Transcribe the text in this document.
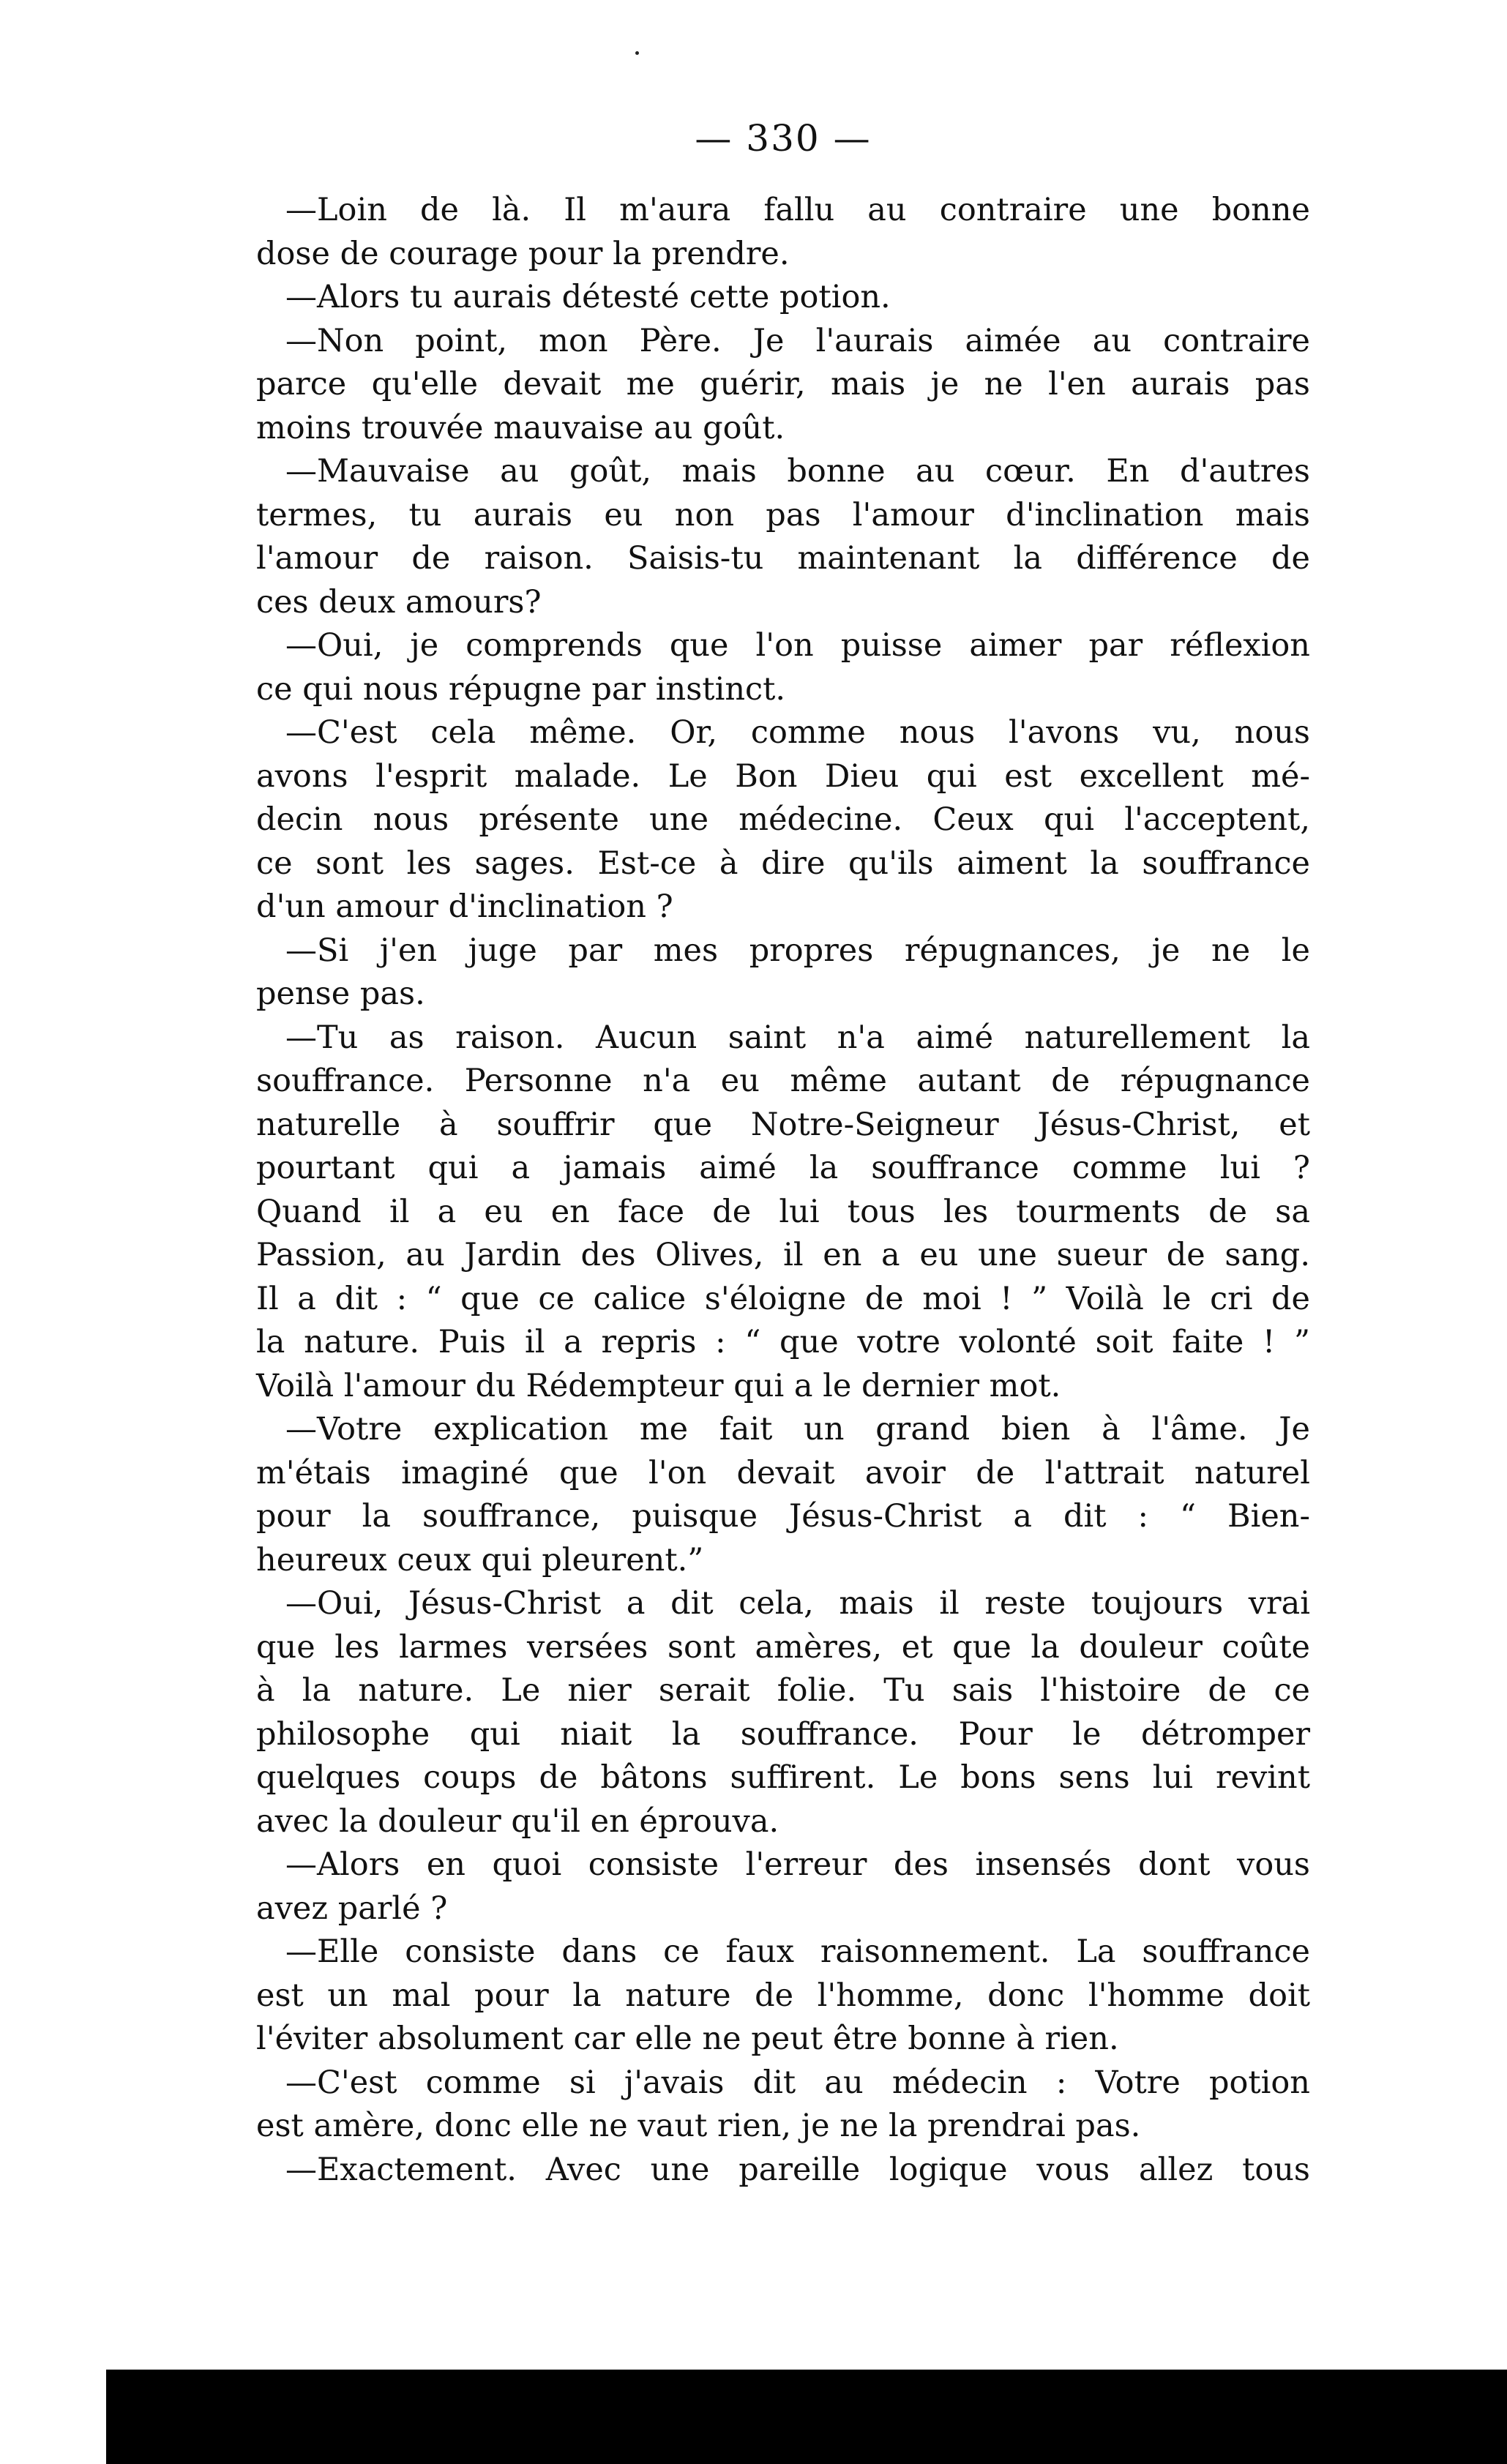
— 330 —
—Loin de là. Il m'aura fallu au contraire une bonne
dose de courage pour la prendre.
—Alors tu aurais détesté cette potion.
—Non point, mon Père. Je l'aurais aimée au contraire
parce qu'elle devait me guérir, mais je ne l'en aurais pas
moins trouvée mauvaise au goût.
—Mauvaise au goût, mais bonne au cœur. En d'autres
termes, tu aurais eu non pas l'amour d'inclination mais
l'amour de raison. Saisis-tu maintenant la différence de
ces deux amours?
—Oui, je comprends que l'on puisse aimer par réflexion
ce qui nous répugne par instinct.
—C'est cela même. Or, comme nous l'avons vu, nous
avons l'esprit malade. Le Bon Dieu qui est excellent mé-
decin nous présente une médecine. Ceux qui l'acceptent,
ce sont les sages. Est-ce à dire qu'ils aiment la souffrance
d'un amour d'inclination ?
—Si j'en juge par mes propres répugnances, je ne le
pense pas.
—Tu as raison. Aucun saint n'a aimé naturellement la
souffrance. Personne n'a eu même autant de répugnance
naturelle à souffrir que Notre-Seigneur Jésus-Christ, et
pourtant qui a jamais aimé la souffrance comme lui ?
Quand il a eu en face de lui tous les tourments de sa
Passion, au Jardin des Olives, il en a eu une sueur de sang.
Il a dit : “ que ce calice s'éloigne de moi ! ” Voilà le cri de
la nature. Puis il a repris : “ que votre volonté soit faite ! ”
Voilà l'amour du Rédempteur qui a le dernier mot.
—Votre explication me fait un grand bien à l'âme. Je
m'étais imaginé que l'on devait avoir de l'attrait naturel
pour la souffrance, puisque Jésus-Christ a dit : “ Bien-
heureux ceux qui pleurent.”
—Oui, Jésus-Christ a dit cela, mais il reste toujours vrai
que les larmes versées sont amères, et que la douleur coûte
à la nature. Le nier serait folie. Tu sais l'histoire de ce
philosophe qui niait la souffrance. Pour le détromper
quelques coups de bâtons suffirent. Le bons sens lui revint
avec la douleur qu'il en éprouva.
—Alors en quoi consiste l'erreur des insensés dont vous
avez parlé ?
—Elle consiste dans ce faux raisonnement. La souffrance
est un mal pour la nature de l'homme, donc l'homme doit
l'éviter absolument car elle ne peut être bonne à rien.
—C'est comme si j'avais dit au médecin : Votre potion
est amère, donc elle ne vaut rien, je ne la prendrai pas.
—Exactement. Avec une pareille logique vous allez tous
